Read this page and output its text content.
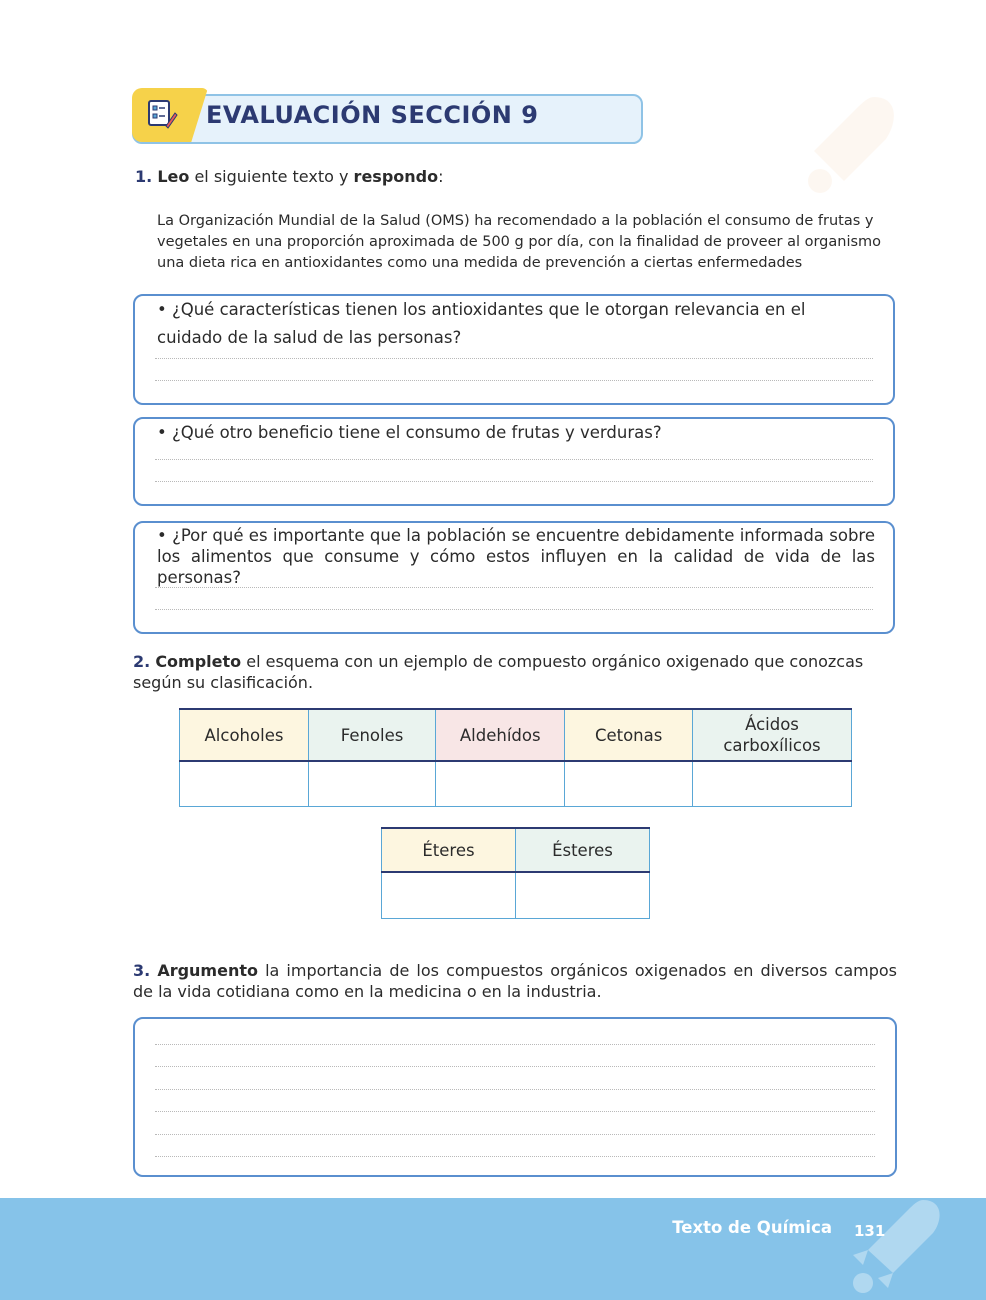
EVALUACIÓN SECCIÓN 9
1. Leo el siguiente texto y respondo:

La Organización Mundial de la Salud (OMS) ha recomendado a la población el consumo de frutas y

vegetales en una proporción aproximada de 500 g por día, con la finalidad de proveer al organismo

una dieta rica en antioxidantes como una medida de prevención a ciertas enfermedades

• ¿Qué características tienen los antioxidantes que le otorgan relevancia en el cuidado de la salud de las personas?
• ¿Qué otro beneficio tiene el consumo de frutas y verduras?
• ¿Por qué es importante que la población se encuentre debidamente informada sobre los alimentos que consume y cómo estos influyen en la calidad de vida de las personas?
2. Completo el esquema con un ejemplo de compuesto orgánico oxigenado que conozcas según su clasificación.
Alcoholes	Fenoles	Aldehídos	Cetonas	Ácidos carboxílicos

Éteres	Ésteres

3. Argumento la importancia de los compuestos orgánicos oxigenados en diversos campos de la vida cotidiana como en la medicina o en la industria.
Texto de Química 131
